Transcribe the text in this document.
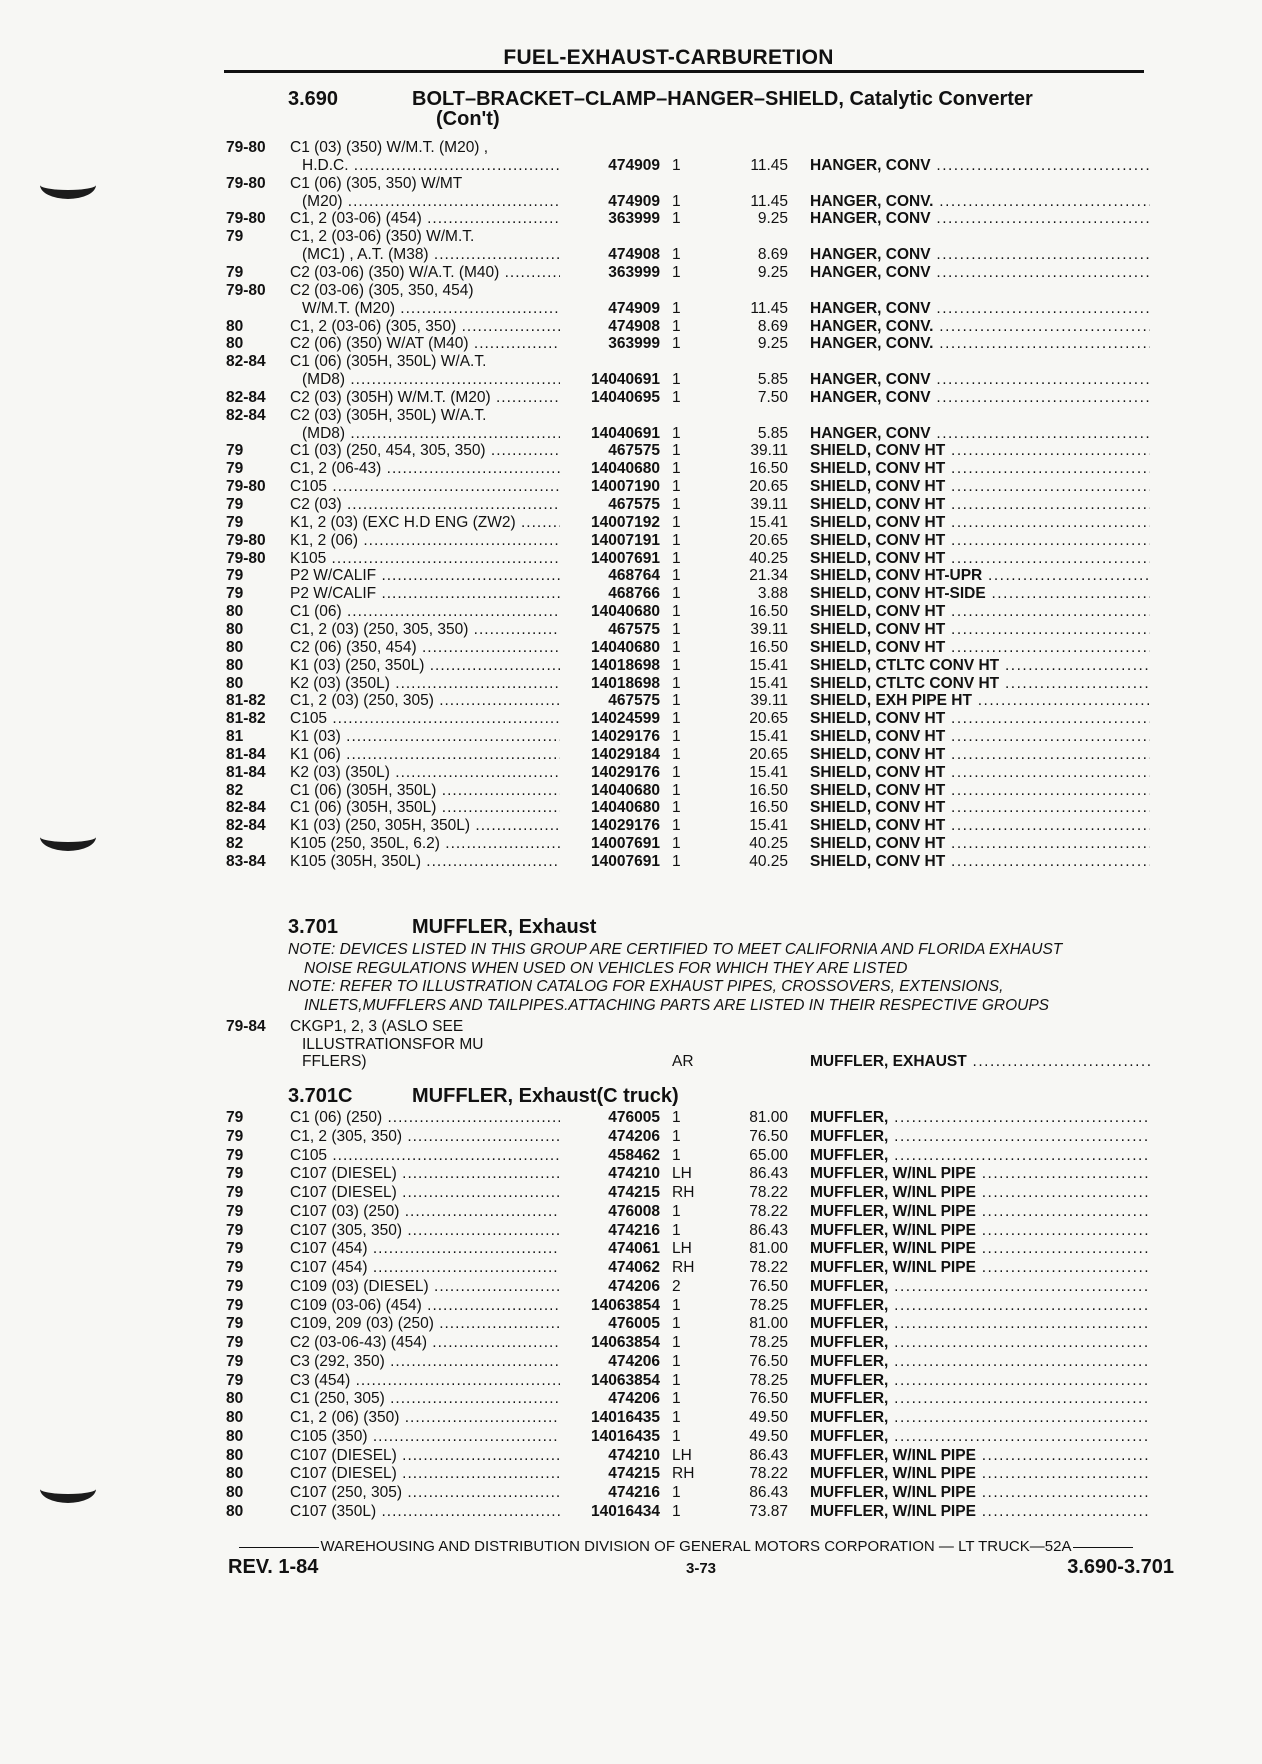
FUEL-EXHAUST-CARBURETION
3.690	BOLT–BRACKET–CLAMP–HANGER–SHIELD, Catalytic Converter
(Con't)
79-80 C1 (03) (350) W/M.T. (M20) ,
H.D.C. .....	474909 1	11.45 HANGER, CONV .....
79-80 C1 (06) (305, 350) W/MT
(M20) .....	474909 1	11.45 HANGER, CONV. .....
79-80 C1, 2 (03-06) (454) .....	363999 1	9.25 HANGER, CONV .....
79	C1, 2 (03-06) (350) W/M.T.
(MC1) , A.T. (M38) .....	474908 1	8.69 HANGER, CONV .....
79	C2 (03-06) (350) W/A.T. (M40) .....	363999 1	9.25 HANGER, CONV .....
79-80 C2 (03-06) (305, 350, 454)
W/M.T. (M20) .....	474909 1	11.45 HANGER, CONV .....
80	C1, 2 (03-06) (305, 350) .....	474908 1	8.69 HANGER, CONV. .....
80	C2 (06) (350) W/AT (M40) .....	363999 1	9.25 HANGER, CONV. .....
82-84 C1 (06) (305H, 350L) W/A.T.
(MD8) .....	14040691 1	5.85 HANGER, CONV .....
82-84 C2 (03) (305H) W/M.T. (M20) .....	14040695 1	7.50 HANGER, CONV .....
82-84 C2 (03) (305H, 350L) W/A.T.
(MD8) .....	14040691 1	5.85 HANGER, CONV .....
79	C1 (03) (250, 454, 305, 350) .....	467575 1	39.11 SHIELD, CONV HT .....
79	C1, 2 (06-43) .....	14040680 1	16.50 SHIELD, CONV HT .....
79-80 C105 .....	14007190 1	20.65 SHIELD, CONV HT .....
79	C2 (03) .....	467575 1	39.11 SHIELD, CONV HT .....
79	K1, 2 (03) (EXC H.D ENG (ZW2) .....	14007192 1	15.41 SHIELD, CONV HT .....
79-80 K1, 2 (06) .....	14007191 1	20.65 SHIELD, CONV HT .....
79-80 K105 .....	14007691 1	40.25 SHIELD, CONV HT .....
79	P2 W/CALIF .....	468764 1	21.34 SHIELD, CONV HT-UPR .....
79	P2 W/CALIF .....	468766 1	3.88 SHIELD, CONV HT-SIDE .....
80	C1 (06) .....	14040680 1	16.50 SHIELD, CONV HT .....
80	C1, 2 (03) (250, 305, 350) .....	467575 1	39.11 SHIELD, CONV HT .....
80	C2 (06) (350, 454) .....	14040680 1	16.50 SHIELD, CONV HT .....
80	K1 (03) (250, 350L) .....	14018698 1	15.41 SHIELD, CTLTC CONV HT .....
80	K2 (03) (350L) .....	14018698 1	15.41 SHIELD, CTLTC CONV HT .....
81-82 C1, 2 (03) (250, 305) .....	467575 1	39.11 SHIELD, EXH PIPE HT .....
81-82 C105 .....	14024599 1	20.65 SHIELD, CONV HT .....
81	K1 (03) .....	14029176 1	15.41 SHIELD, CONV HT .....
81-84 K1 (06) .....	14029184 1	20.65 SHIELD, CONV HT .....
81-84 K2 (03) (350L) .....	14029176 1	15.41 SHIELD, CONV HT .....
82	C1 (06) (305H, 350L) .....	14040680 1	16.50 SHIELD, CONV HT .....
82-84 C1 (06) (305H, 350L) .....	14040680 1	16.50 SHIELD, CONV HT .....
82-84 K1 (03) (250, 305H, 350L) .....	14029176 1	15.41 SHIELD, CONV HT .....
82	K105 (250, 350L, 6.2) .....	14007691 1	40.25 SHIELD, CONV HT .....
83-84 K105 (305H, 350L) .....	14007691 1	40.25 SHIELD, CONV HT .....
3.701	MUFFLER, Exhaust
NOTE: DEVICES LISTED IN THIS GROUP ARE CERTIFIED TO MEET CALIFORNIA AND FLORIDA EXHAUST
NOISE REGULATIONS WHEN USED ON VEHICLES FOR WHICH THEY ARE LISTED
NOTE: REFER TO ILLUSTRATION CATALOG FOR EXHAUST PIPES, CROSSOVERS, EXTENSIONS,
INLETS,MUFFLERS AND TAILPIPES.ATTACHING PARTS ARE LISTED IN THEIR RESPECTIVE GROUPS
79-84 CKGP1, 2, 3 (ASLO SEE
ILLUSTRATIONSFOR MU
FFLERS)	AR	MUFFLER, EXHAUST .....
3.701C	MUFFLER, Exhaust(C truck)
79	C1 (06) (250) .....	476005 1	81.00 MUFFLER, .....
79	C1, 2 (305, 350) .....	474206 1	76.50 MUFFLER, .....
79	C105 .....	458462 1	65.00 MUFFLER, .....
79	C107 (DIESEL) .....	474210 LH	86.43 MUFFLER, W/INL PIPE .....
79	C107 (DIESEL) .....	474215 RH	78.22 MUFFLER, W/INL PIPE .....
79	C107 (03) (250) .....	476008 1	78.22 MUFFLER, W/INL PIPE .....
79	C107 (305, 350) .....	474216 1	86.43 MUFFLER, W/INL PIPE .....
79	C107 (454) .....	474061 LH	81.00 MUFFLER, W/INL PIPE .....
79	C107 (454) .....	474062 RH	78.22 MUFFLER, W/INL PIPE .....
79	C109 (03) (DIESEL) .....	474206 2	76.50 MUFFLER, .....
79	C109 (03-06) (454) .....	14063854 1	78.25 MUFFLER, .....
79	C109, 209 (03) (250) .....	476005 1	81.00 MUFFLER, .....
79	C2 (03-06-43) (454) .....	14063854 1	78.25 MUFFLER, .....
79	C3 (292, 350) .....	474206 1	76.50 MUFFLER, .....
79	C3 (454) .....	14063854 1	78.25 MUFFLER, .....
80	C1 (250, 305) .....	474206 1	76.50 MUFFLER, .....
80	C1, 2 (06) (350) .....	14016435 1	49.50 MUFFLER, .....
80	C105 (350) .....	14016435 1	49.50 MUFFLER, .....
80	C107 (DIESEL) .....	474210 LH	86.43 MUFFLER, W/INL PIPE .....
80	C107 (DIESEL) .....	474215 RH	78.22 MUFFLER, W/INL PIPE .....
80	C107 (250, 305) .....	474216 1	86.43 MUFFLER, W/INL PIPE .....
80	C107 (350L) .....	14016434 1	73.87 MUFFLER, W/INL PIPE .....
WAREHOUSING AND DISTRIBUTION DIVISION OF GENERAL MOTORS CORPORATION — LT TRUCK—52A
REV. 1-84	3-73	3.690-3.701
